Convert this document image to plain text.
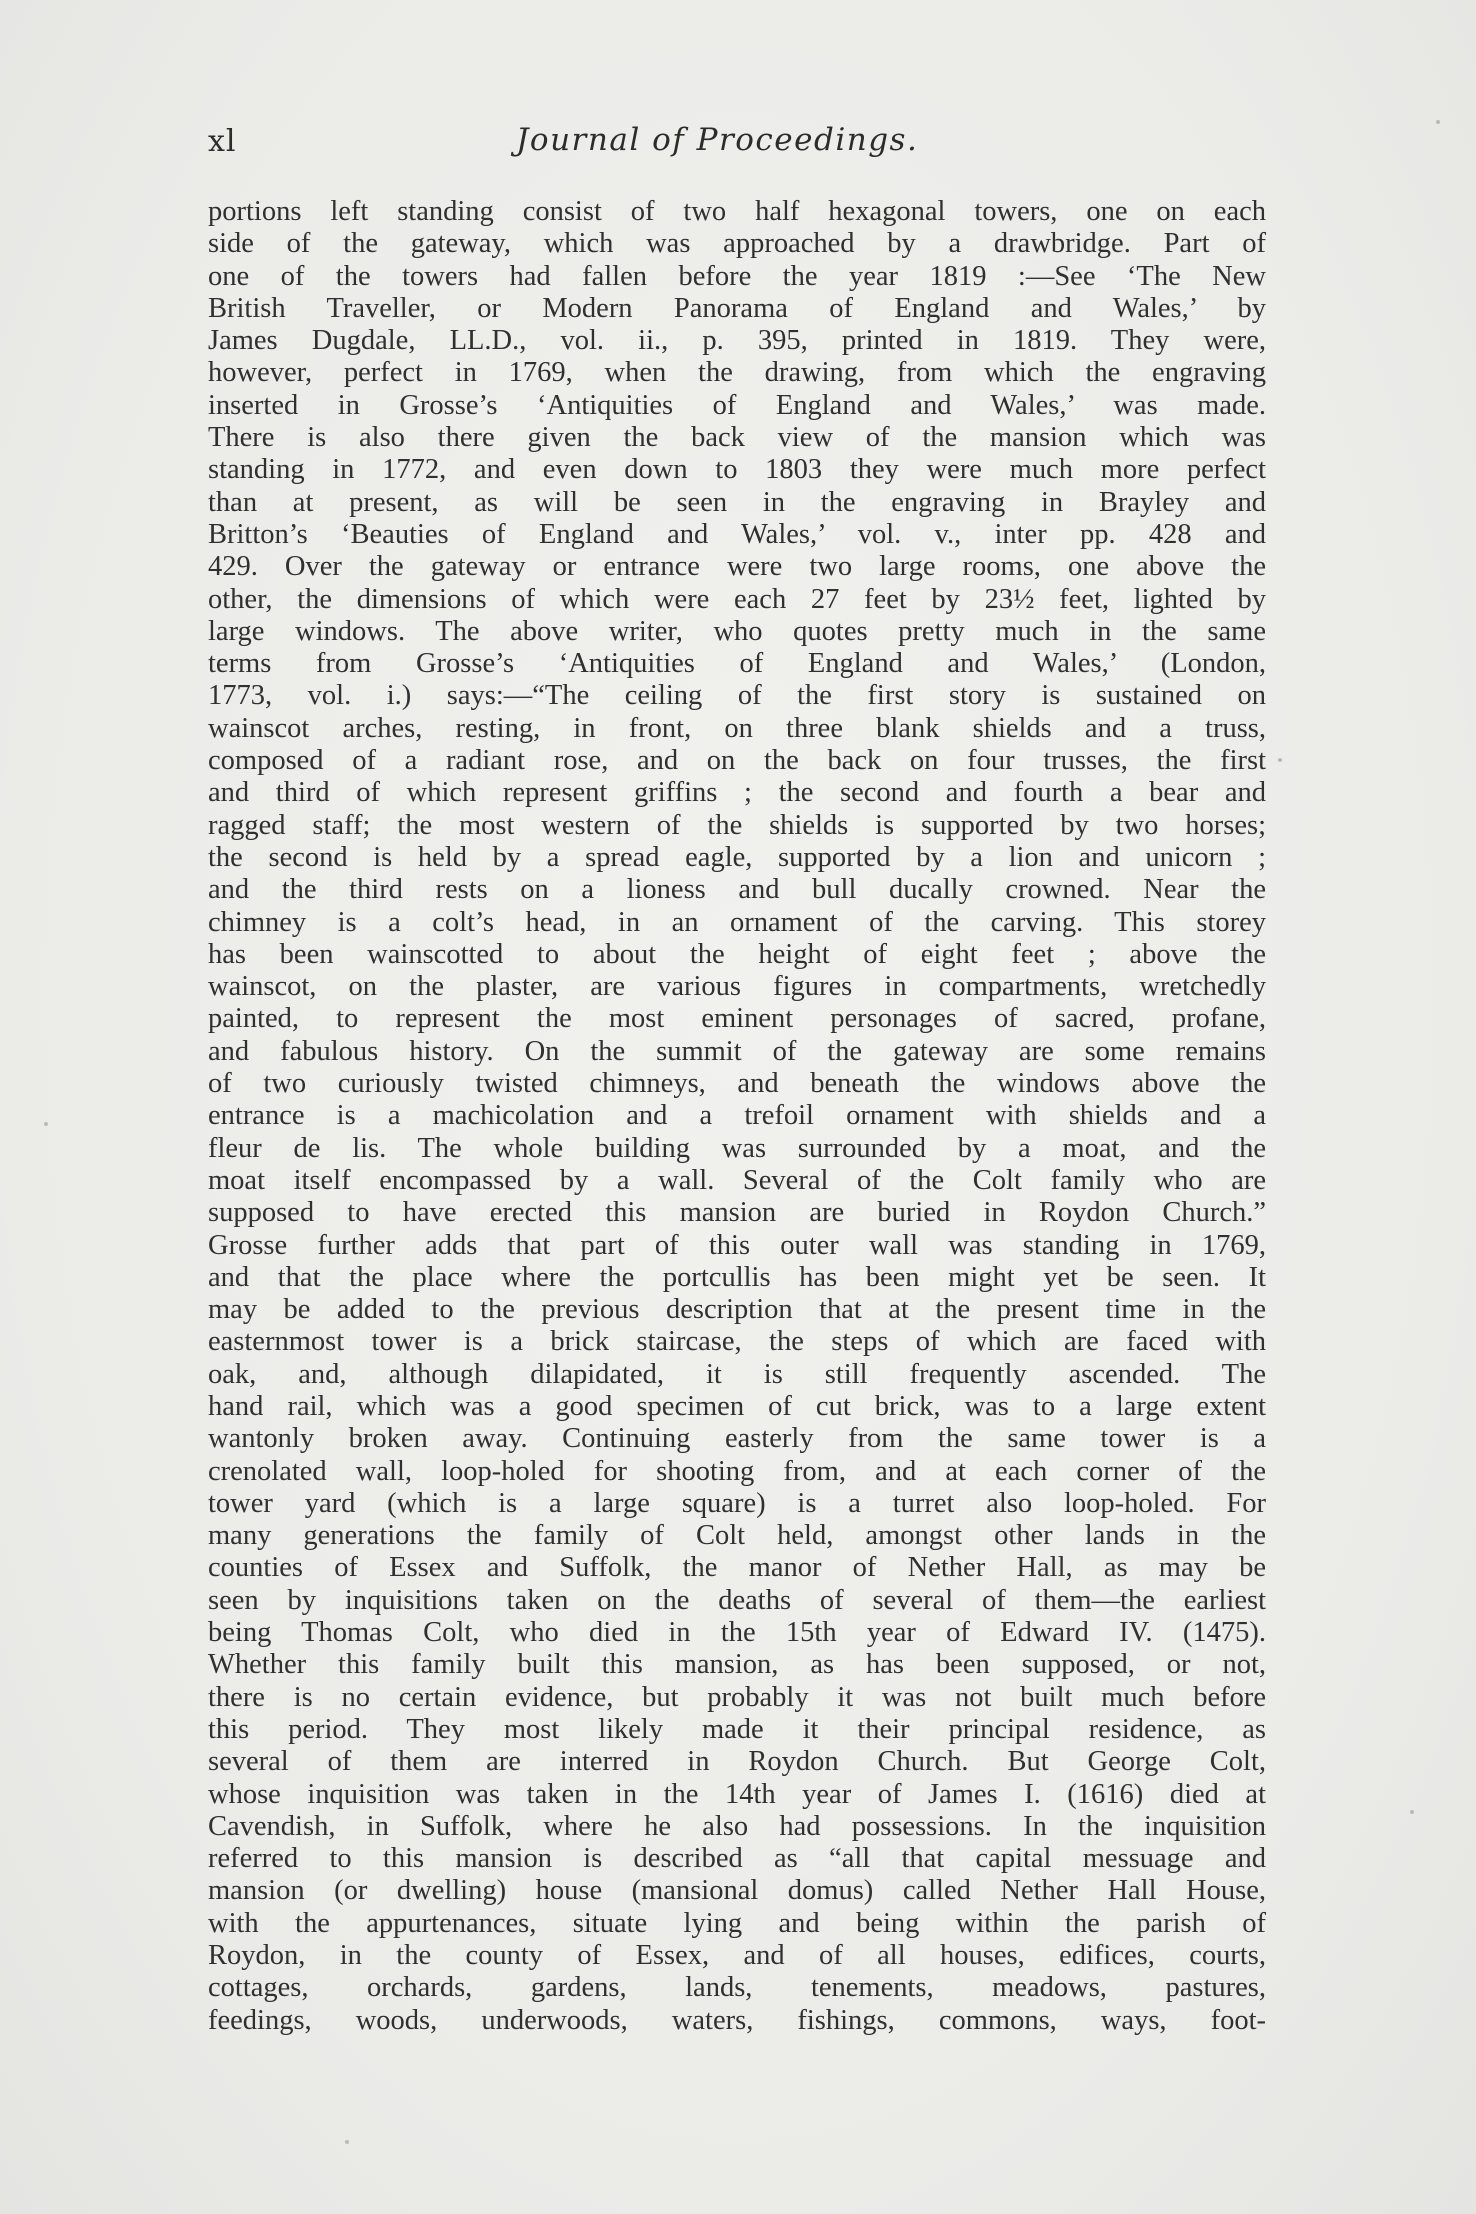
xl	Journal of Proceedings.
portions left standing consist of two half hexagonal towers, one on each
side of the gateway, which was approached by a drawbridge. Part of
one of the towers had fallen before the year 1819 :—See ‘The New
British Traveller, or Modern Panorama of England and Wales,’ by
James Dugdale, LL.D., vol. ii., p. 395, printed in 1819. They were,
however, perfect in 1769, when the drawing, from which the engraving
inserted in Grosse’s ‘Antiquities of England and Wales,’ was made.
There is also there given the back view of the mansion which was
standing in 1772, and even down to 1803 they were much more perfect
than at present, as will be seen in the engraving in Brayley and
Britton’s ‘Beauties of England and Wales,’ vol. v., inter pp. 428 and
429. Over the gateway or entrance were two large rooms, one above the
other, the dimensions of which were each 27 feet by 23½ feet, lighted by
large windows. The above writer, who quotes pretty much in the same
terms from Grosse’s ‘Antiquities of England and Wales,’ (London,
1773, vol. i.) says:—“The ceiling of the first story is sustained on
wainscot arches, resting, in front, on three blank shields and a truss,
composed of a radiant rose, and on the back on four trusses, the first
and third of which represent griffins ; the second and fourth a bear and
ragged staff; the most western of the shields is supported by two horses;
the second is held by a spread eagle, supported by a lion and unicorn ;
and the third rests on a lioness and bull ducally crowned. Near the
chimney is a colt’s head, in an ornament of the carving. This storey
has been wainscotted to about the height of eight feet ; above the
wainscot, on the plaster, are various figures in compartments, wretchedly
painted, to represent the most eminent personages of sacred, profane,
and fabulous history. On the summit of the gateway are some remains
of two curiously twisted chimneys, and beneath the windows above the
entrance is a machicolation and a trefoil ornament with shields and a
fleur de lis. The whole building was surrounded by a moat, and the
moat itself encompassed by a wall. Several of the Colt family who are
supposed to have erected this mansion are buried in Roydon Church.”
Grosse further adds that part of this outer wall was standing in 1769,
and that the place where the portcullis has been might yet be seen. It
may be added to the previous description that at the present time in the
easternmost tower is a brick staircase, the steps of which are faced with
oak, and, although dilapidated, it is still frequently ascended. The
hand rail, which was a good specimen of cut brick, was to a large extent
wantonly broken away. Continuing easterly from the same tower is a
crenolated wall, loop-holed for shooting from, and at each corner of the
tower yard (which is a large square) is a turret also loop-holed. For
many generations the family of Colt held, amongst other lands in the
counties of Essex and Suffolk, the manor of Nether Hall, as may be
seen by inquisitions taken on the deaths of several of them—the earliest
being Thomas Colt, who died in the 15th year of Edward IV. (1475).
Whether this family built this mansion, as has been supposed, or not,
there is no certain evidence, but probably it was not built much before
this period. They most likely made it their principal residence, as
several of them are interred in Roydon Church. But George Colt,
whose inquisition was taken in the 14th year of James I. (1616) died at
Cavendish, in Suffolk, where he also had possessions. In the inquisition
referred to this mansion is described as “all that capital messuage and
mansion (or dwelling) house (mansional domus) called Nether Hall House,
with the appurtenances, situate lying and being within the parish of
Roydon, in the county of Essex, and of all houses, edifices, courts,
cottages, orchards, gardens, lands, tenements, meadows, pastures,
feedings, woods, underwoods, waters, fishings, commons, ways, foot-
